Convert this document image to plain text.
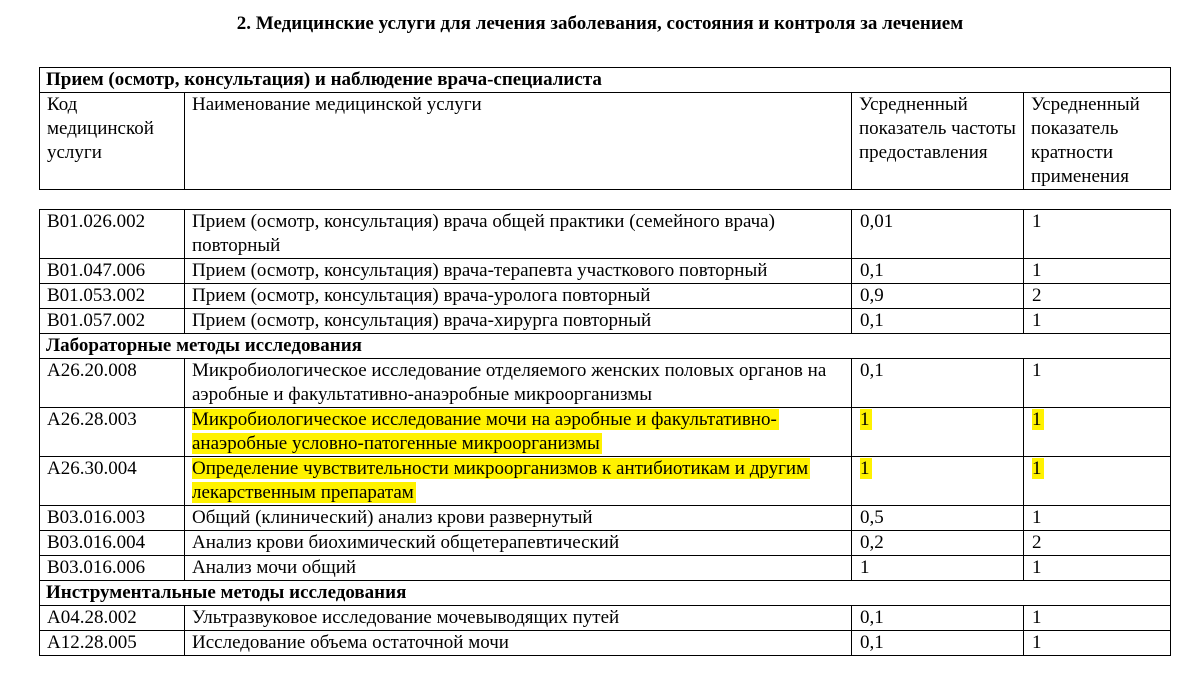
2. Медицинские услуги для лечения заболевания, состояния и контроля за лечением
Прием (осмотр, консультация) и наблюдение врача-специалиста
Код медицинской услуги	Наименование медицинской услуги	Усредненный показатель частоты предоставления	Усредненный показатель кратности применения
B01.026.002	Прием (осмотр, консультация) врача общей практики (семейного врача) повторный	0,01	1
B01.047.006	Прием (осмотр, консультация) врача-терапевта участкового повторный	0,1	1
B01.053.002	Прием (осмотр, консультация) врача-уролога повторный	0,9	2
B01.057.002	Прием (осмотр, консультация) врача-хирурга повторный	0,1	1
Лабораторные методы исследования			
A26.20.008	Микробиологическое исследование отделяемого женских половых органов на аэробные и факультативно-анаэробные микроорганизмы	0,1	1
A26.28.003	Микробиологическое исследование мочи на аэробные и факультативно-анаэробные условно-патогенные микроорганизмы	1	1
A26.30.004	Определение чувствительности микроорганизмов к антибиотикам и другим лекарственным препаратам	1	1
B03.016.003	Общий (клинический) анализ крови развернутый	0,5	1
B03.016.004	Анализ крови биохимический общетерапевтический	0,2	2
B03.016.006	Анализ мочи общий	1	1
Инструментальные методы исследования			
A04.28.002	Ультразвуковое исследование мочевыводящих путей	0,1	1
A12.28.005	Исследование объема остаточной мочи	0,1	1
